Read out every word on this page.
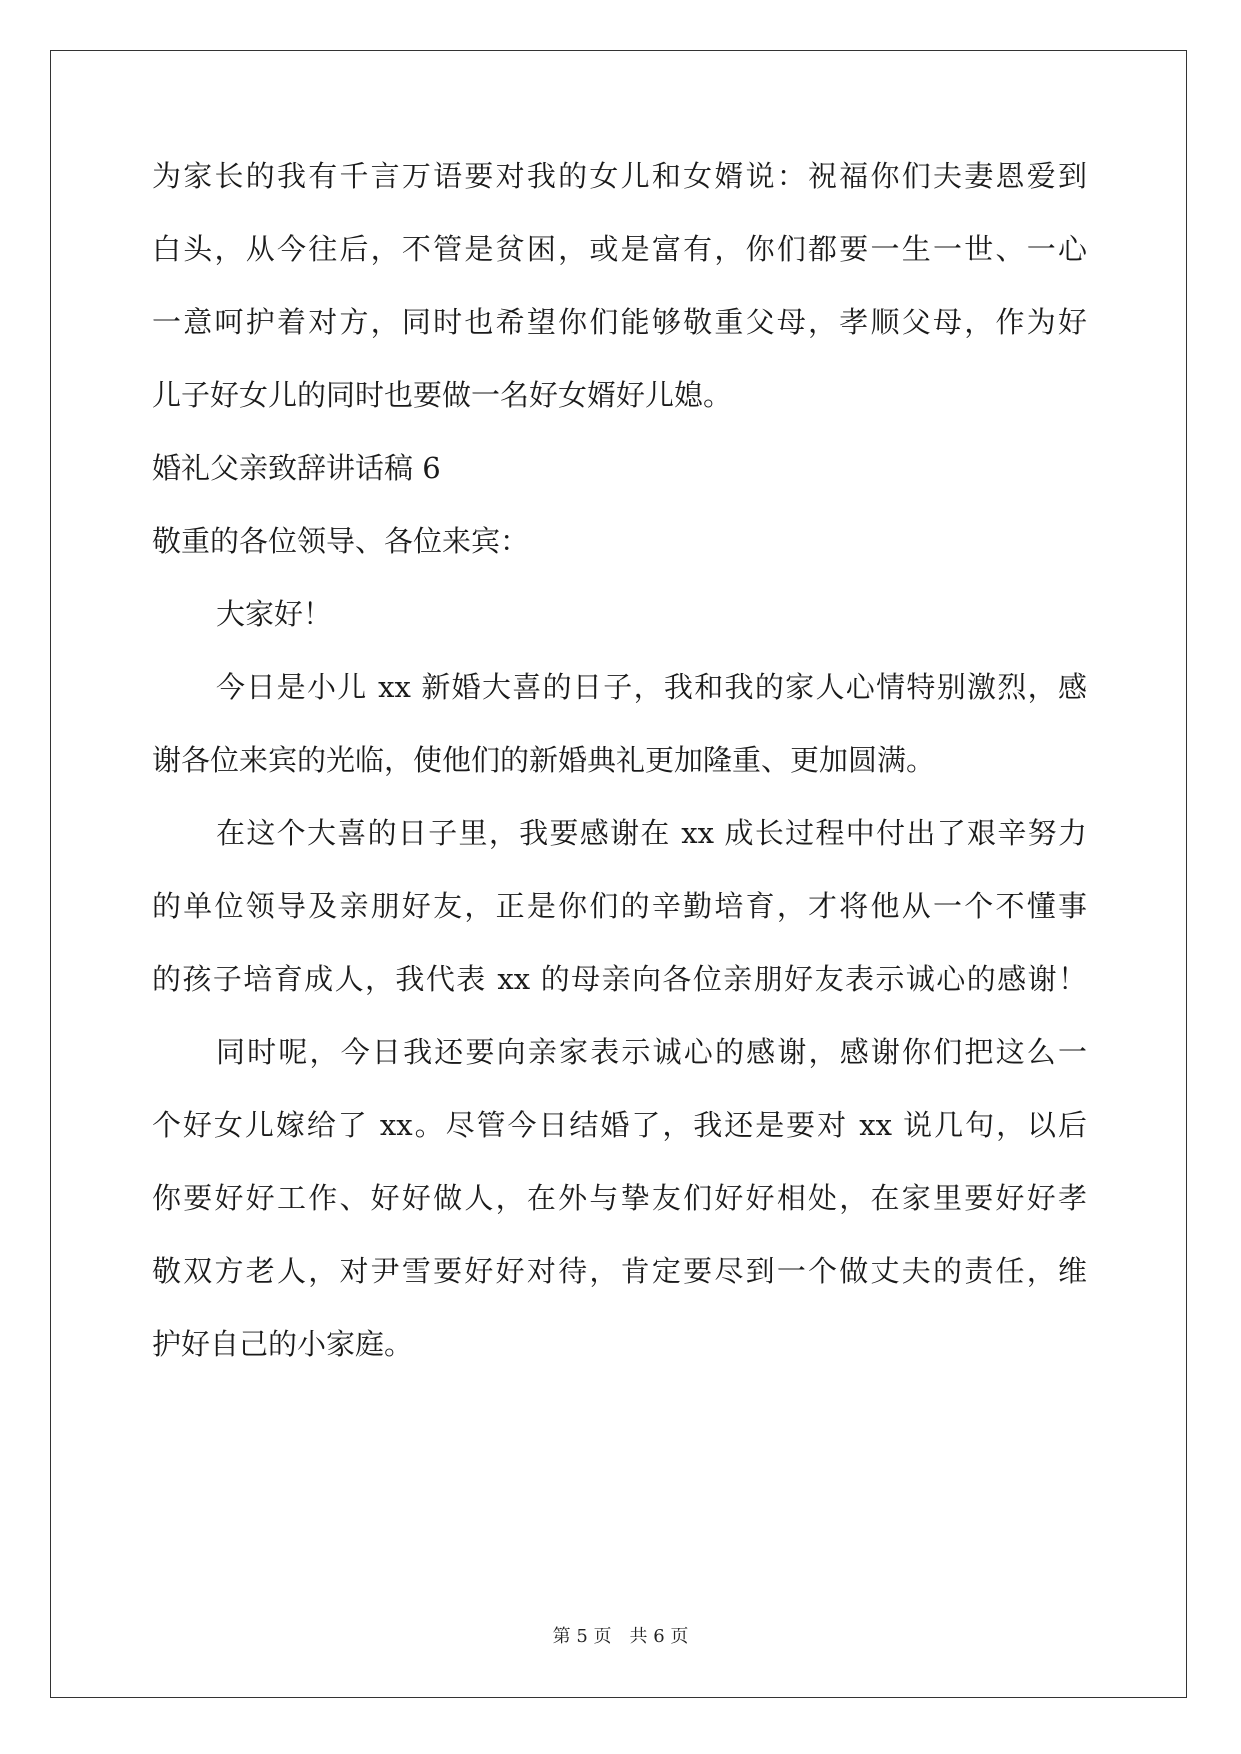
为家长的我有千言万语要对我的女儿和女婿说：祝福你们夫妻恩爱到
白头，从今往后，不管是贫困，或是富有，你们都要一生一世、一心
一意呵护着对方，同时也希望你们能够敬重父母，孝顺父母，作为好
儿子好女儿的同时也要做一名好女婿好儿媳。
婚礼父亲致辞讲话稿 6
敬重的各位领导、各位来宾：
大家好！
今日是小儿 xx 新婚大喜的日子，我和我的家人心情特别激烈，感
谢各位来宾的光临，使他们的新婚典礼更加隆重、更加圆满。
在这个大喜的日子里，我要感谢在 xx 成长过程中付出了艰辛努力
的单位领导及亲朋好友，正是你们的辛勤培育，才将他从一个不懂事
的孩子培育成人，我代表 xx 的母亲向各位亲朋好友表示诚心的感谢！
同时呢，今日我还要向亲家表示诚心的感谢，感谢你们把这么一
个好女儿嫁给了 xx。尽管今日结婚了，我还是要对 xx 说几句，以后
你要好好工作、好好做人，在外与挚友们好好相处，在家里要好好孝
敬双方老人，对尹雪要好好对待，肯定要尽到一个做丈夫的责任，维
护好自己的小家庭。
第 5 页　共 6 页
